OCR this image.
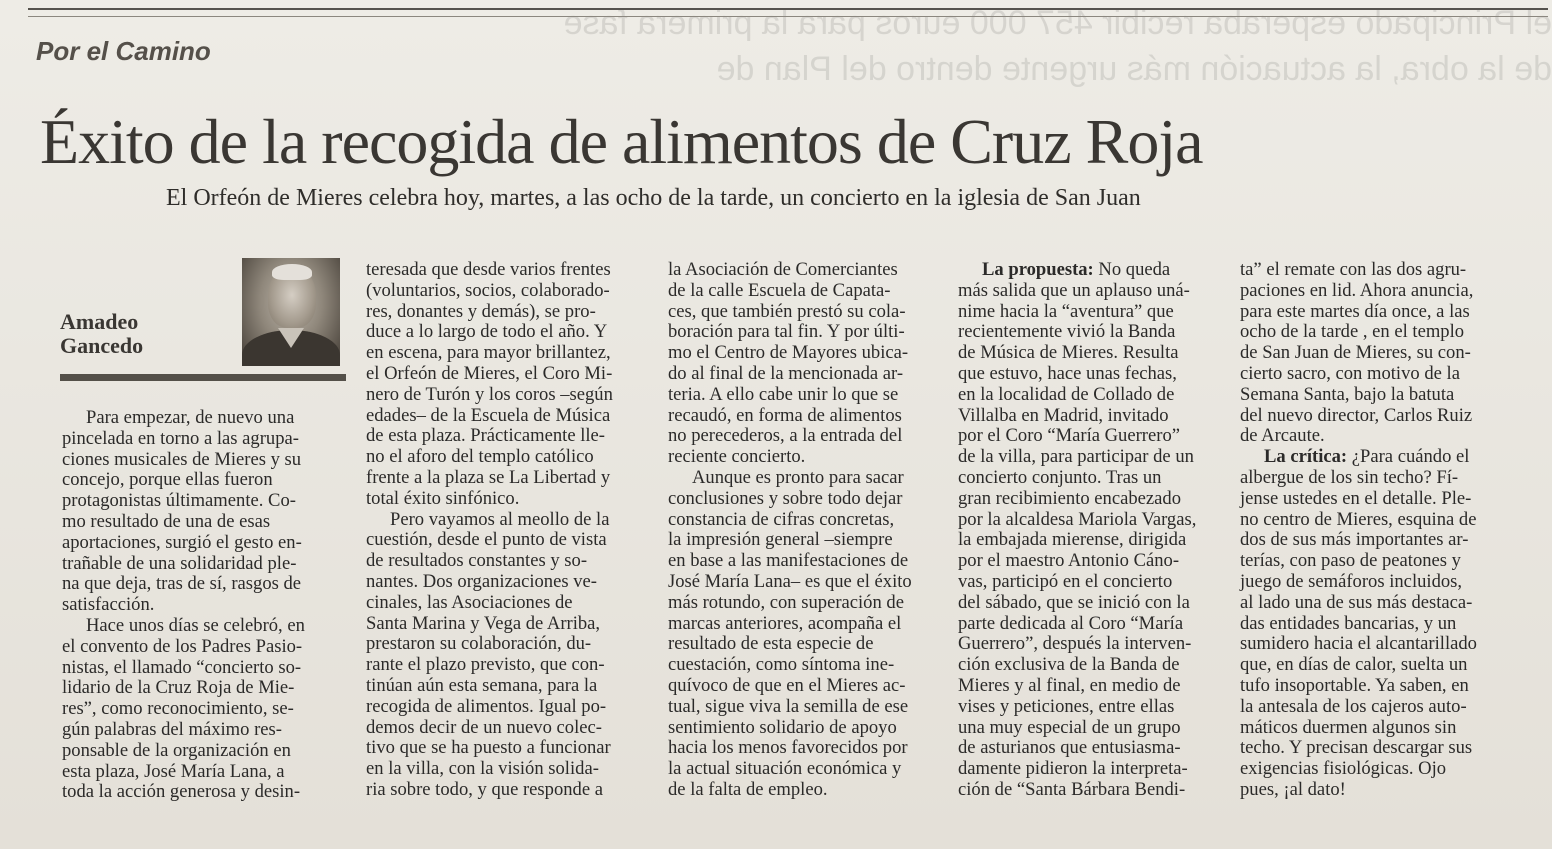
el Principado esperaba recibir 457 000 euros para la primera fase
de la obra, la actuación más urgente dentro del Plan de
Por el Camino
Éxito de la recogida de alimentos de Cruz Roja
El Orfeón de Mieres celebra hoy, martes, a las ocho de la tarde, un concierto en la iglesia de San Juan
Amadeo
Gancedo

Para empezar, de nuevo una
pincelada en torno a las agrupa-
ciones musicales de Mieres y su
concejo, porque ellas fueron
protagonistas últimamente. Co-
mo resultado de una de esas
aportaciones, surgió el gesto en-
trañable de una solidaridad ple-
na que deja, tras de sí, rasgos de
satisfacción.
Hace unos días se celebró, en
el convento de los Padres Pasio-
nistas, el llamado “concierto so-
lidario de la Cruz Roja de Mie-
res”, como reconocimiento, se-
gún palabras del máximo res-
ponsable de la organización en
esta plaza, José María Lana, a
toda la acción generosa y desin-

teresada que desde varios frentes
(voluntarios, socios, colaborado-
res, donantes y demás), se pro-
duce a lo largo de todo el año. Y
en escena, para mayor brillantez,
el Orfeón de Mieres, el Coro Mi-
nero de Turón y los coros –según
edades– de la Escuela de Música
de esta plaza. Prácticamente lle-
no el aforo del templo católico
frente a la plaza se La Libertad y
total éxito sinfónico.
Pero vayamos al meollo de la
cuestión, desde el punto de vista
de resultados constantes y so-
nantes. Dos organizaciones ve-
cinales, las Asociaciones de
Santa Marina y Vega de Arriba,
prestaron su colaboración, du-
rante el plazo previsto, que con-
tinúan aún esta semana, para la
recogida de alimentos. Igual po-
demos decir de un nuevo colec-
tivo que se ha puesto a funcionar
en la villa, con la visión solida-
ria sobre todo, y que responde a

la Asociación de Comerciantes
de la calle Escuela de Capata-
ces, que también prestó su cola-
boración para tal fin. Y por últi-
mo el Centro de Mayores ubica-
do al final de la mencionada ar-
teria. A ello cabe unir lo que se
recaudó, en forma de alimentos
no perecederos, a la entrada del
reciente concierto.
Aunque es pronto para sacar
conclusiones y sobre todo dejar
constancia de cifras concretas,
la impresión general –siempre
en base a las manifestaciones de
José María Lana– es que el éxito
más rotundo, con superación de
marcas anteriores, acompaña el
resultado de esta especie de
cuestación, como síntoma ine-
quívoco de que en el Mieres ac-
tual, sigue viva la semilla de ese
sentimiento solidario de apoyo
hacia los menos favorecidos por
la actual situación económica y
de la falta de empleo.

La propuesta: No queda
más salida que un aplauso uná-
nime hacia la “aventura” que
recientemente vivió la Banda
de Música de Mieres. Resulta
que estuvo, hace unas fechas,
en la localidad de Collado de
Villalba en Madrid, invitado
por el Coro “María Guerrero”
de la villa, para participar de un
concierto conjunto. Tras un
gran recibimiento encabezado
por la alcaldesa Mariola Vargas,
la embajada mierense, dirigida
por el maestro Antonio Cáno-
vas, participó en el concierto
del sábado, que se inició con la
parte dedicada al Coro “María
Guerrero”, después la interven-
ción exclusiva de la Banda de
Mieres y al final, en medio de
vises y peticiones, entre ellas
una muy especial de un grupo
de asturianos que entusiasma-
damente pidieron la interpreta-
ción de “Santa Bárbara Bendi-

ta” el remate con las dos agru-
paciones en lid. Ahora anuncia,
para este martes día once, a las
ocho de la tarde , en el templo
de San Juan de Mieres, su con-
cierto sacro, con motivo de la
Semana Santa, bajo la batuta
del nuevo director, Carlos Ruiz
de Arcaute.
La crítica: ¿Para cuándo el
albergue de los sin techo? Fí-
jense ustedes en el detalle. Ple-
no centro de Mieres, esquina de
dos de sus más importantes ar-
terías, con paso de peatones y
juego de semáforos incluidos,
al lado una de sus más destaca-
das entidades bancarias, y un
sumidero hacia el alcantarillado
que, en días de calor, suelta un
tufo insoportable. Ya saben, en
la antesala de los cajeros auto-
máticos duermen algunos sin
techo. Y precisan descargar sus
exigencias fisiológicas. Ojo
pues, ¡al dato!
